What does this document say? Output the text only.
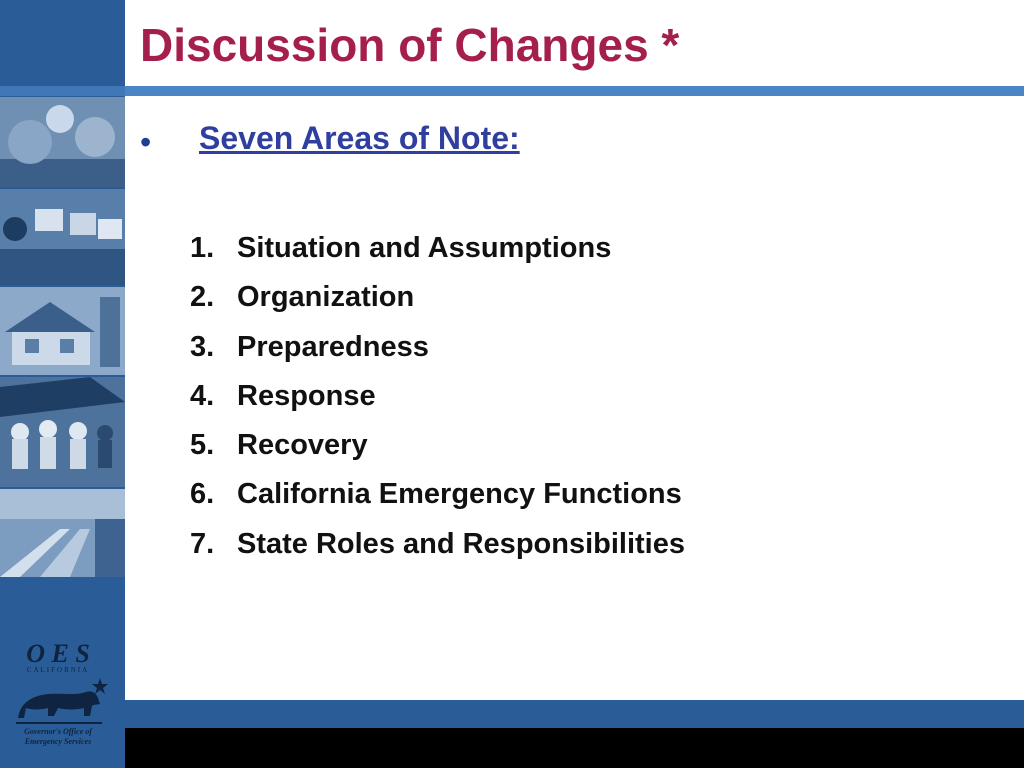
O E S
CALIFORNIA
Governor's Office of
Emergency Services
Discussion of Changes *
• Seven Areas of Note:
1. Situation and Assumptions
2. Organization
3. Preparedness
4. Response
5. Recovery
6. California Emergency Functions
7. State Roles and Responsibilities
